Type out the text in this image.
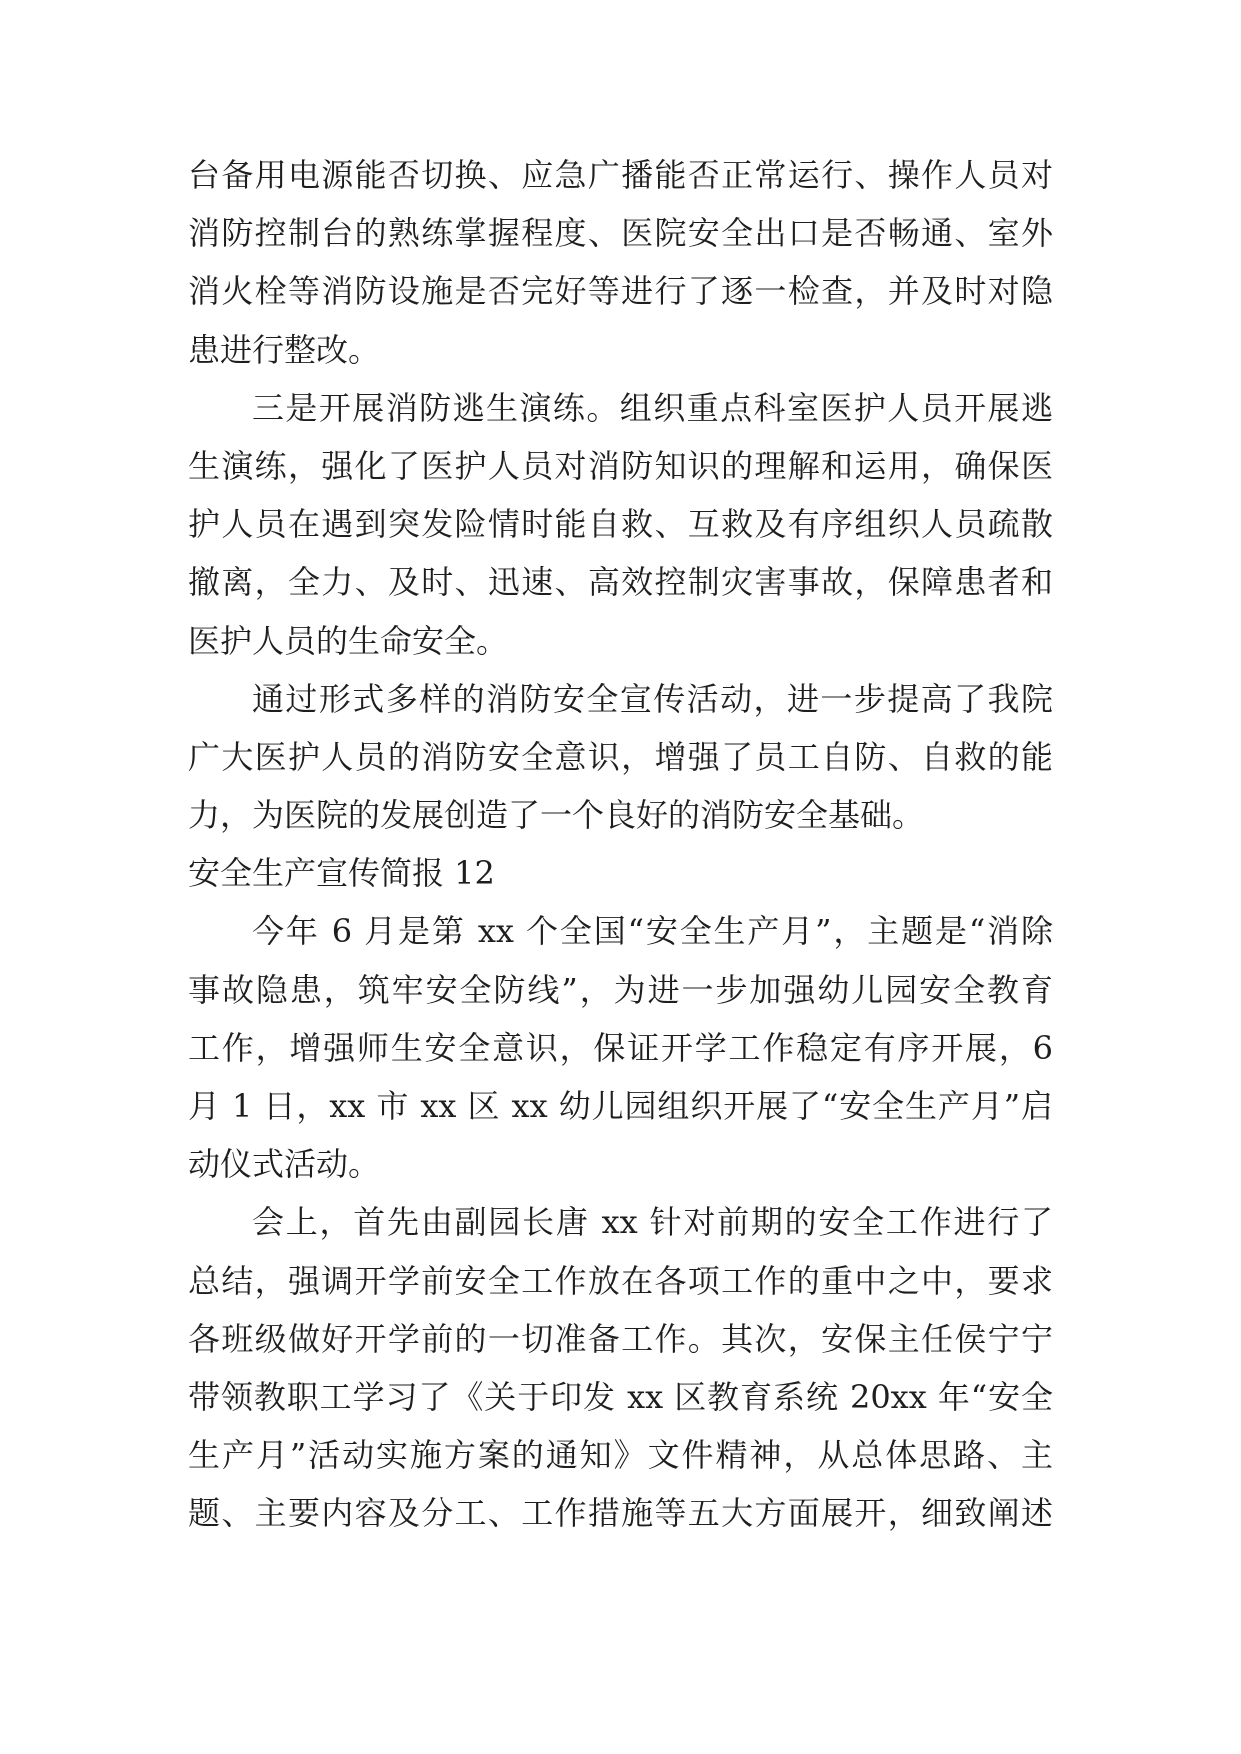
台备用电源能否切换、应急广播能否正常运行、操作人员对
消防控制台的熟练掌握程度、医院安全出口是否畅通、室外
消火栓等消防设施是否完好等进行了逐一检查，并及时对隐
患进行整改。
三是开展消防逃生演练。组织重点科室医护人员开展逃
生演练，强化了医护人员对消防知识的理解和运用，确保医
护人员在遇到突发险情时能自救、互救及有序组织人员疏散
撤离，全力、及时、迅速、高效控制灾害事故，保障患者和
医护人员的生命安全。
通过形式多样的消防安全宣传活动，进一步提高了我院
广大医护人员的消防安全意识，增强了员工自防、自救的能
力，为医院的发展创造了一个良好的消防安全基础。
安全生产宣传简报 12
今年 6 月是第 xx 个全国“安全生产月”，主题是“消除
事故隐患，筑牢安全防线”，为进一步加强幼儿园安全教育
工作，增强师生安全意识，保证开学工作稳定有序开展，6
月 1 日，xx 市 xx 区 xx 幼儿园组织开展了“安全生产月”启
动仪式活动。
会上，首先由副园长唐 xx 针对前期的安全工作进行了
总结，强调开学前安全工作放在各项工作的重中之中，要求
各班级做好开学前的一切准备工作。其次，安保主任侯宁宁
带领教职工学习了《关于印发 xx 区教育系统 20xx 年“安全
生产月”活动实施方案的通知》文件精神，从总体思路、主
题、主要内容及分工、工作措施等五大方面展开，细致阐述
